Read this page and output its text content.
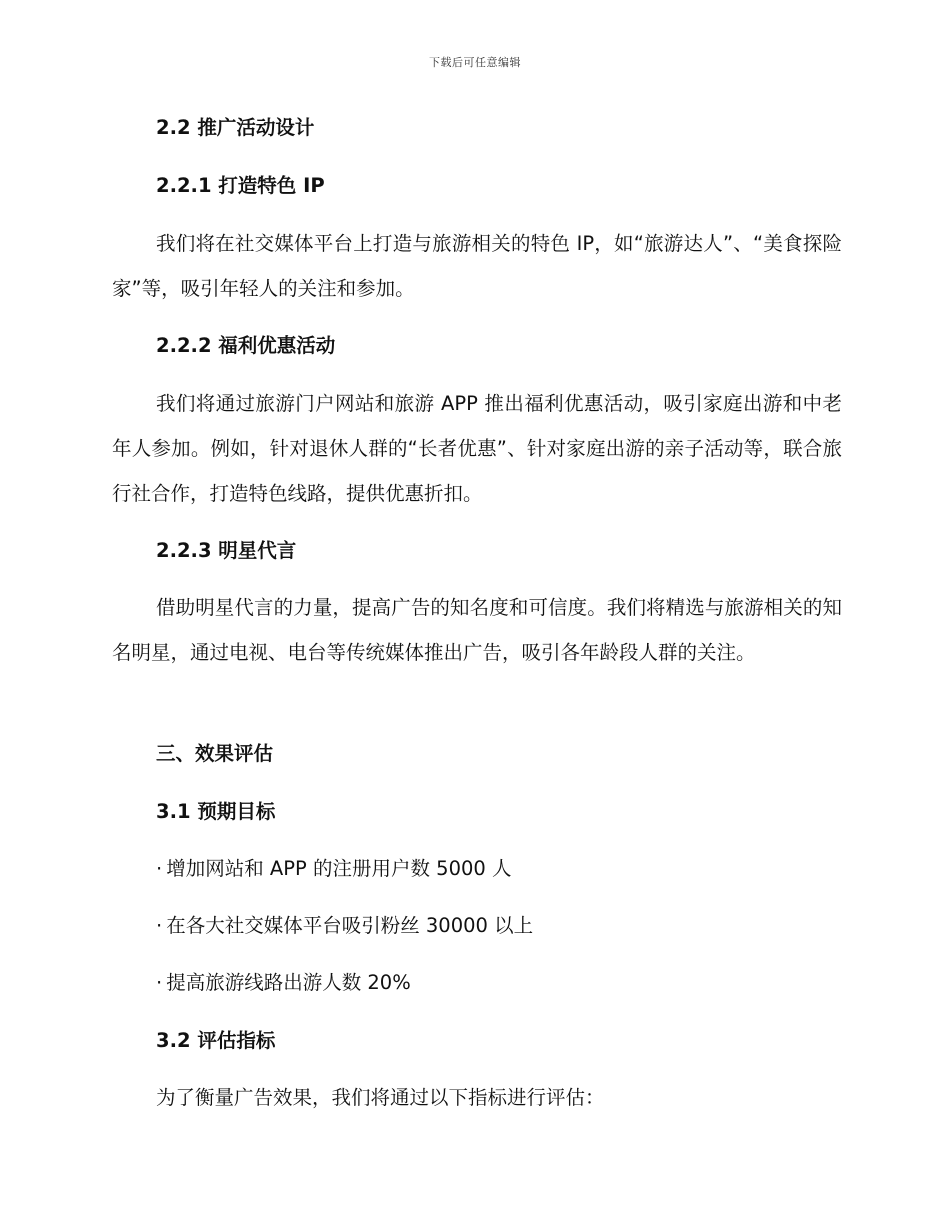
下载后可任意编辑
2.2 推广活动设计
2.2.1 打造特色 IP

我们将在社交媒体平台上打造与旅游相关的特色 IP，如“旅游达人”、“美食探险家”等，吸引年轻人的关注和参加。

2.2.2 福利优惠活动

我们将通过旅游门户网站和旅游 APP 推出福利优惠活动，吸引家庭出游和中老年人参加。例如，针对退休人群的“长者优惠”、针对家庭出游的亲子活动等，联合旅行社合作，打造特色线路，提供优惠折扣。

2.2.3 明星代言

借助明星代言的力量，提高广告的知名度和可信度。我们将精选与旅游相关的知名明星，通过电视、电台等传统媒体推出广告，吸引各年龄段人群的关注。

三、效果评估
3.1 预期目标
· 增加网站和 APP 的注册用户数 5000 人
· 在各大社交媒体平台吸引粉丝 30000 以上
· 提高旅游线路出游人数 20%
3.2 评估指标
为了衡量广告效果，我们将通过以下指标进行评估：
